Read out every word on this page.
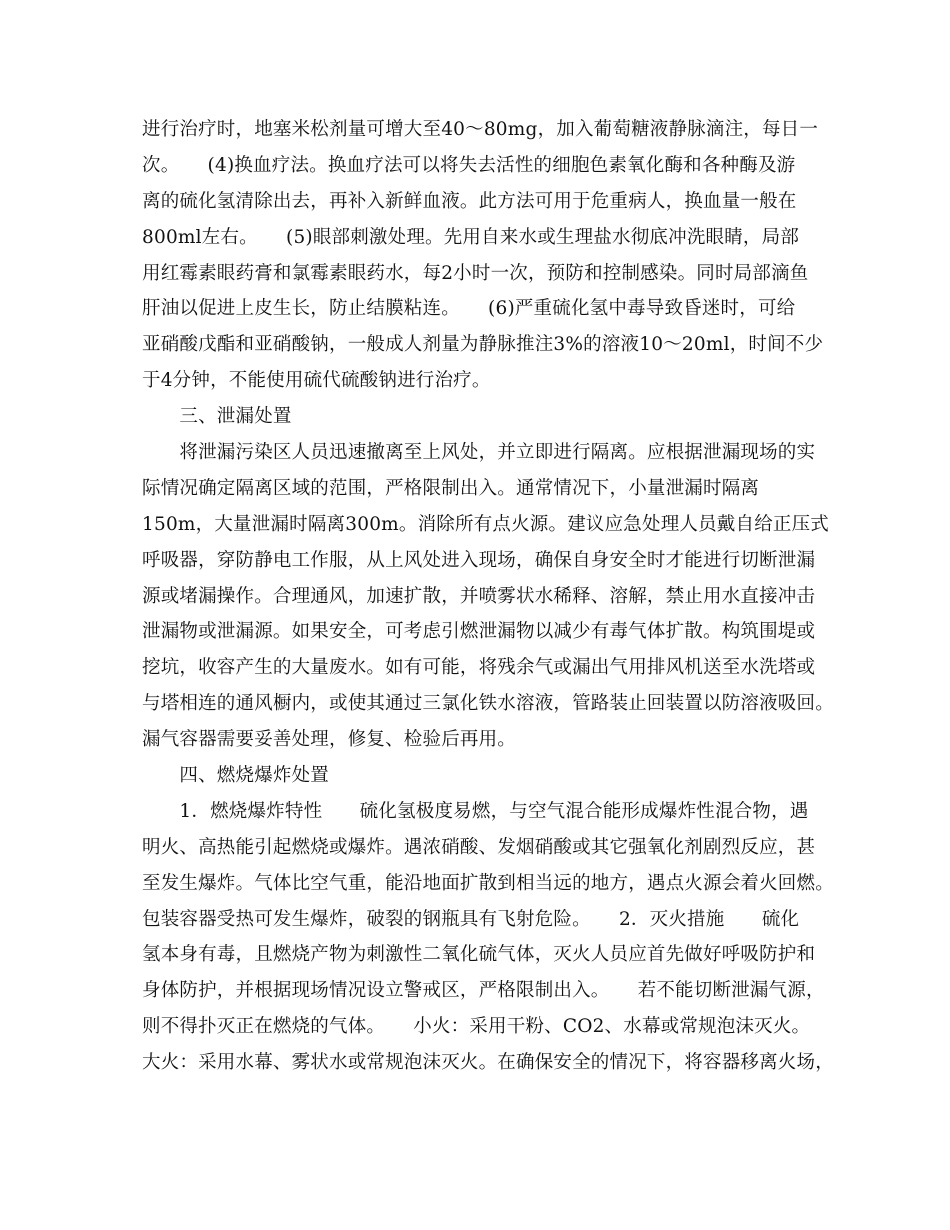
进行治疗时，地塞米松剂量可增大至40～80mg，加入葡萄糖液静脉滴注，每日一
次。　　(4)换血疗法。换血疗法可以将失去活性的细胞色素氧化酶和各种酶及游
离的硫化氢清除出去，再补入新鲜血液。此方法可用于危重病人，换血量一般在
800ml左右。　　(5)眼部刺激处理。先用自来水或生理盐水彻底冲洗眼睛，局部
用红霉素眼药膏和氯霉素眼药水，每2小时一次，预防和控制感染。同时局部滴鱼
肝油以促进上皮生长，防止结膜粘连。　　(6)严重硫化氢中毒导致昏迷时，可给
亚硝酸戊酯和亚硝酸钠，一般成人剂量为静脉推注3%的溶液10～20ml，时间不少
于4分钟，不能使用硫代硫酸钠进行治疗。
　　三、泄漏处置
　　将泄漏污染区人员迅速撤离至上风处，并立即进行隔离。应根据泄漏现场的实
际情况确定隔离区域的范围，严格限制出入。通常情况下，小量泄漏时隔离
150m，大量泄漏时隔离300m。消除所有点火源。建议应急处理人员戴自给正压式
呼吸器，穿防静电工作服，从上风处进入现场，确保自身安全时才能进行切断泄漏
源或堵漏操作。合理通风，加速扩散，并喷雾状水稀释、溶解，禁止用水直接冲击
泄漏物或泄漏源。如果安全，可考虑引燃泄漏物以减少有毒气体扩散。构筑围堤或
挖坑，收容产生的大量废水。如有可能，将残余气或漏出气用排风机送至水洗塔或
与塔相连的通风橱内，或使其通过三氯化铁水溶液，管路装止回装置以防溶液吸回。
漏气容器需要妥善处理，修复、检验后再用。
　　四、燃烧爆炸处置
　　1．燃烧爆炸特性　　硫化氢极度易燃，与空气混合能形成爆炸性混合物，遇
明火、高热能引起燃烧或爆炸。遇浓硝酸、发烟硝酸或其它强氧化剂剧烈反应，甚
至发生爆炸。气体比空气重，能沿地面扩散到相当远的地方，遇点火源会着火回燃。
包装容器受热可发生爆炸，破裂的钢瓶具有飞射危险。　　2．灭火措施　　硫化
氢本身有毒，且燃烧产物为刺激性二氧化硫气体，灭火人员应首先做好呼吸防护和
身体防护，并根据现场情况设立警戒区，严格限制出入。　　若不能切断泄漏气源，
则不得扑灭正在燃烧的气体。　　小火：采用干粉、CO2、水幕或常规泡沫灭火。
大火：采用水幕、雾状水或常规泡沫灭火。在确保安全的情况下，将容器移离火场，
